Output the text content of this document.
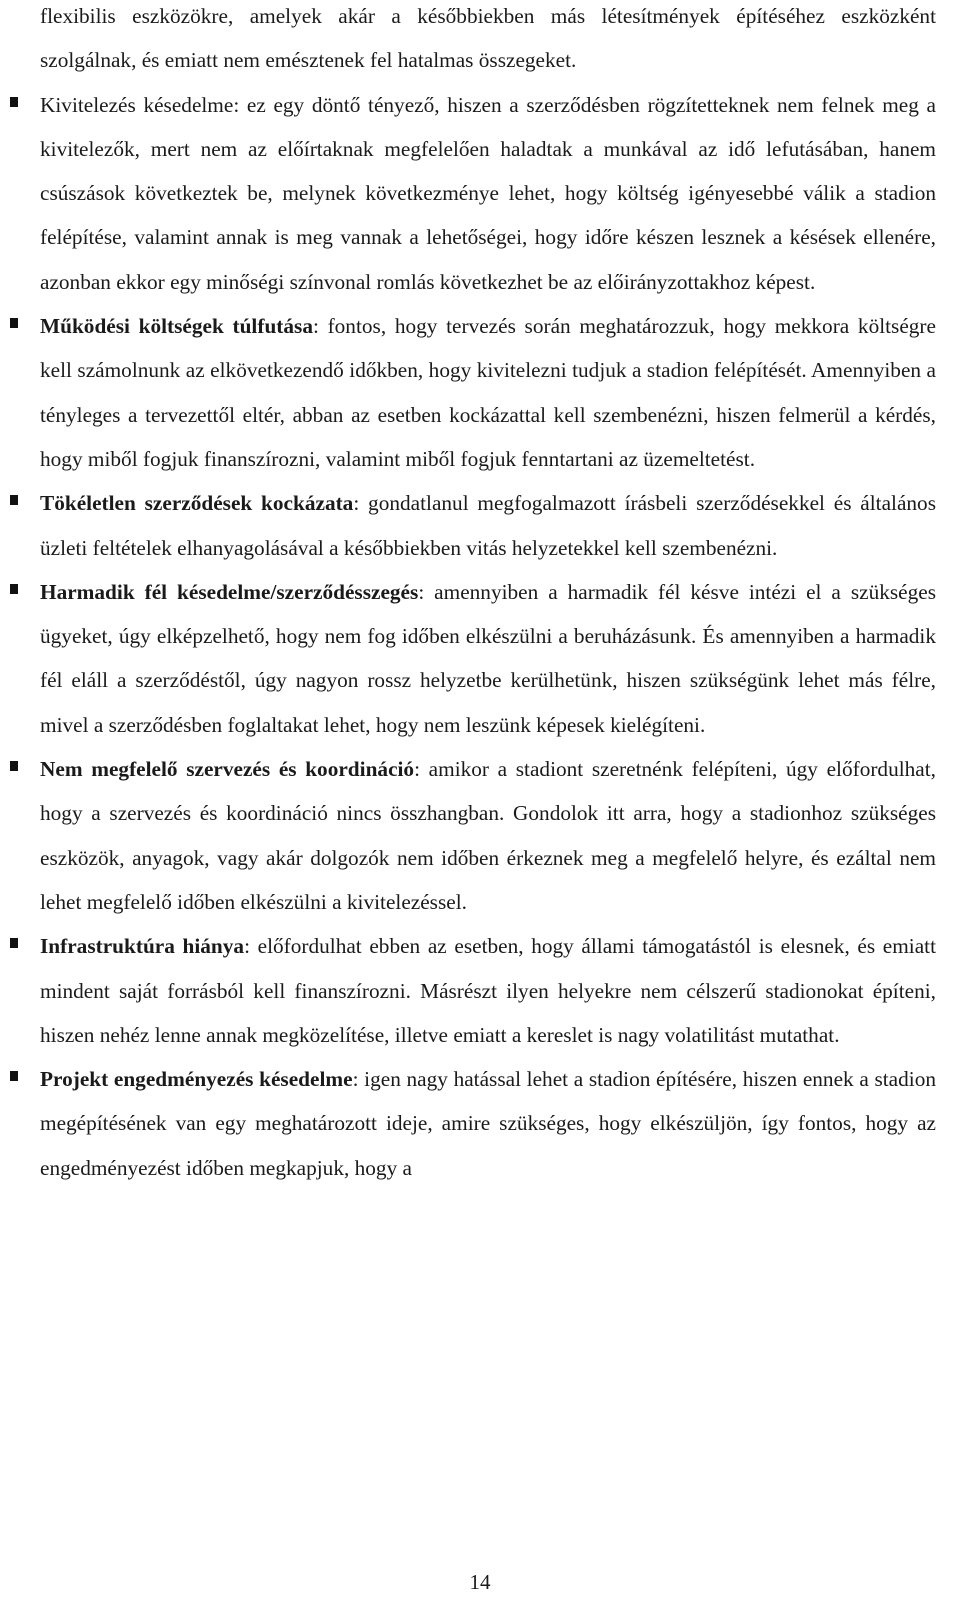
flexibilis eszközökre, amelyek akár a későbbiekben más létesítmények építéséhez eszközként szolgálnak, és emiatt nem emésztenek fel hatalmas összegeket.

Kivitelezés késedelme: ez egy döntő tényező, hiszen a szerződésben rögzítetteknek nem felnek meg a kivitelezők, mert nem az előírtaknak megfelelően haladtak a munkával az idő lefutásában, hanem csúszások következtek be, melynek következménye lehet, hogy költség igényesebbé válik a stadion felépítése, valamint annak is meg vannak a lehetőségei, hogy időre készen lesznek a késések ellenére, azonban ekkor egy minőségi színvonal romlás következhet be az előirányzottakhoz képest.
Működési költségek túlfutása: fontos, hogy tervezés során meghatározzuk, hogy mekkora költségre kell számolnunk az elkövetkezendő időkben, hogy kivitelezni tudjuk a stadion felépítését. Amennyiben a tényleges a tervezettől eltér, abban az esetben kockázattal kell szembenézni, hiszen felmerül a kérdés, hogy miből fogjuk finanszírozni, valamint miből fogjuk fenntartani az üzemeltetést.
Tökéletlen szerződések kockázata: gondatlanul megfogalmazott írásbeli szerződésekkel és általános üzleti feltételek elhanyagolásával a későbbiekben vitás helyzetekkel kell szembenézni.
Harmadik fél késedelme/szerződésszegés: amennyiben a harmadik fél késve intézi el a szükséges ügyeket, úgy elképzelhető, hogy nem fog időben elkészülni a beruházásunk. És amennyiben a harmadik fél eláll a szerződéstől, úgy nagyon rossz helyzetbe kerülhetünk, hiszen szükségünk lehet más félre, mivel a szerződésben foglaltakat lehet, hogy nem leszünk képesek kielégíteni.
Nem megfelelő szervezés és koordináció: amikor a stadiont szeretnénk felépíteni, úgy előfordulhat, hogy a szervezés és koordináció nincs összhangban. Gondolok itt arra, hogy a stadionhoz szükséges eszközök, anyagok, vagy akár dolgozók nem időben érkeznek meg a megfelelő helyre, és ezáltal nem lehet megfelelő időben elkészülni a kivitelezéssel.
Infrastruktúra hiánya: előfordulhat ebben az esetben, hogy állami támogatástól is elesnek, és emiatt mindent saját forrásból kell finanszírozni. Másrészt ilyen helyekre nem célszerű stadionokat építeni, hiszen nehéz lenne annak megközelítése, illetve emiatt a kereslet is nagy volatilitást mutathat.
Projekt engedményezés késedelme: igen nagy hatással lehet a stadion építésére, hiszen ennek a stadion megépítésének van egy meghatározott ideje, amire szükséges, hogy elkészüljön, így fontos, hogy az engedményezést időben megkapjuk, hogy a
14
